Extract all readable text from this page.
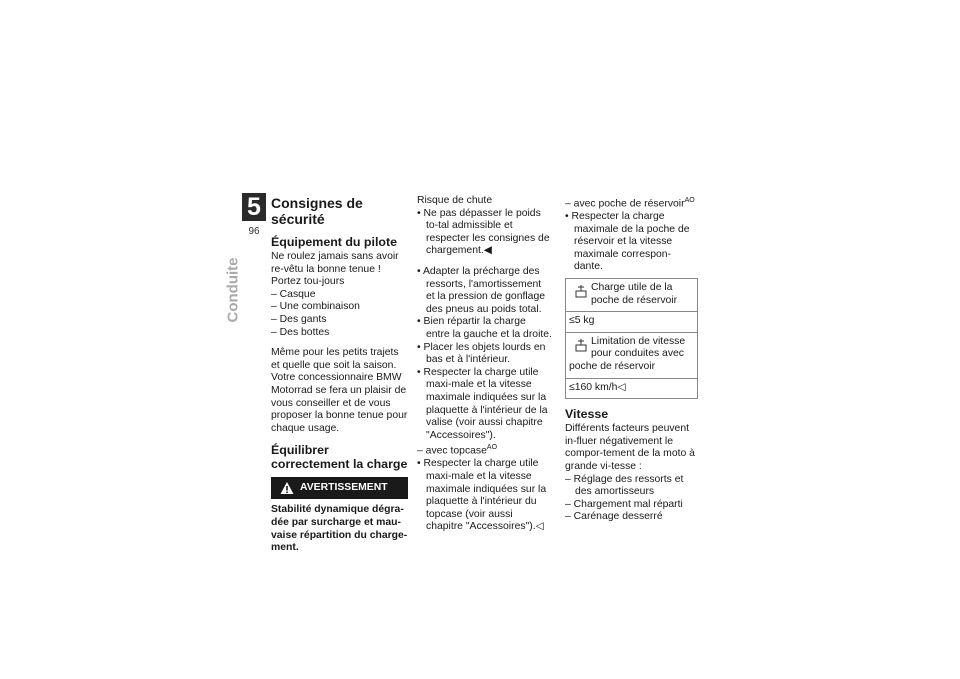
5
96
Conduite
Consignes de sécurité
Équipement du pilote

Ne roulez jamais sans avoir re-vêtu la bonne tenue ! Portez tou-jours

– Casque

– Une combinaison

– Des gants

– Des bottes

Même pour les petits trajets et quelle que soit la saison. Votre concessionnaire BMW Motorrad se fera un plaisir de vous conseiller et de vous proposer la bonne tenue pour chaque usage.

Équilibrer correctement la charge
AVERTISSEMENT

Stabilité dynamique dégra-dée par surcharge et mau-vaise répartition du charge-ment.

Risque de chute

• Ne pas dépasser le poids to-tal admissible et respecter les consignes de chargement.◀

• Adapter la précharge des ressorts, l'amortissement et la pression de gonflage des pneus au poids total.

• Bien répartir la charge entre la gauche et la droite.

• Placer les objets lourds en bas et à l'intérieur.

• Respecter la charge utile maxi-male et la vitesse maximale indiquées sur la plaquette à l'intérieur de la valise (voir aussi chapitre "Accessoires").

– avec topcase$^{AO}$

• Respecter la charge utile maxi-male et la vitesse maximale indiquées sur la plaquette à l'intérieur du topcase (voir aussi chapitre "Accessoires").◁

– avec poche de réservoir$^{AO}$

• Respecter la charge maximale de la poche de réservoir et la vitesse maximale correspon-dante.

Charge utile de la poche de réservoir
≤5 kg
Limitation de vitesse pour conduites avec
poche de réservoir
≤160 km/h◁
Vitesse

Différents facteurs peuvent in-fluer négativement le compor-tement de la moto à grande vi-tesse :

– Réglage des ressorts et des amortisseurs

– Chargement mal réparti

– Carénage desserré
